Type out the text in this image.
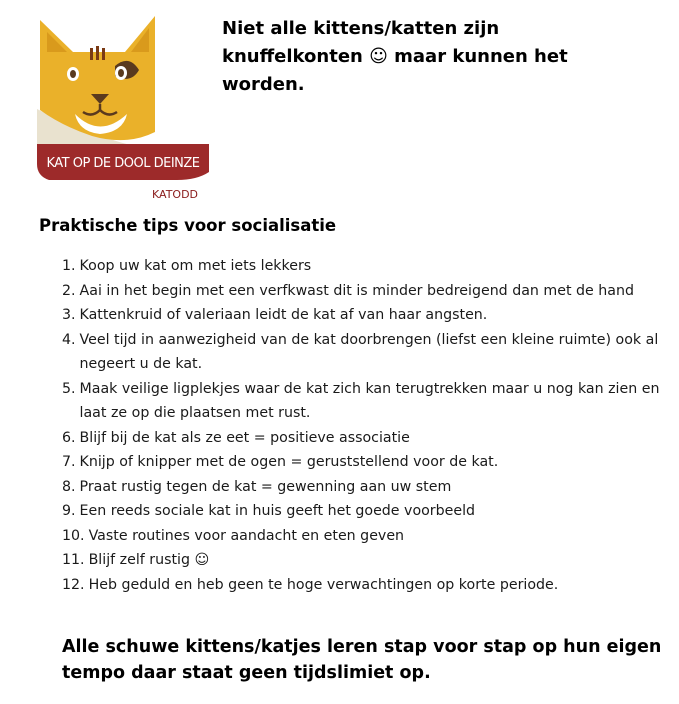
KAT OP DE DOOL DEINZE
KATODD
Niet alle kittens/katten zijn knuffelkonten ☺ maar kunnen het worden.
Praktische tips voor socialisatie
1. Koop uw kat om met iets lekkers
2. Aai in het begin met een verfkwast dit is minder bedreigend dan met de hand
3. Kattenkruid of valeriaan leidt de kat af van haar angsten.
4. Veel tijd in aanwezigheid van de kat doorbrengen (liefst een kleine ruimte) ook al negeert u de kat.
5. Maak veilige ligplekjes waar de kat zich kan terugtrekken maar u nog kan zien en laat ze op die plaatsen met rust.
6. Blijf bij de kat als ze eet = positieve associatie
7. Knijp of knipper met de ogen = geruststellend voor de kat.
8. Praat rustig tegen de kat = gewenning aan uw stem
9. Een reeds sociale kat in huis geeft het goede voorbeeld
10. Vaste routines voor aandacht en eten geven
11. Blijf zelf rustig ☺
12. Heb geduld en heb geen te hoge verwachtingen op korte periode.
Alle schuwe kittens/katjes leren stap voor stap op hun eigen tempo daar staat geen tijdslimiet op.
